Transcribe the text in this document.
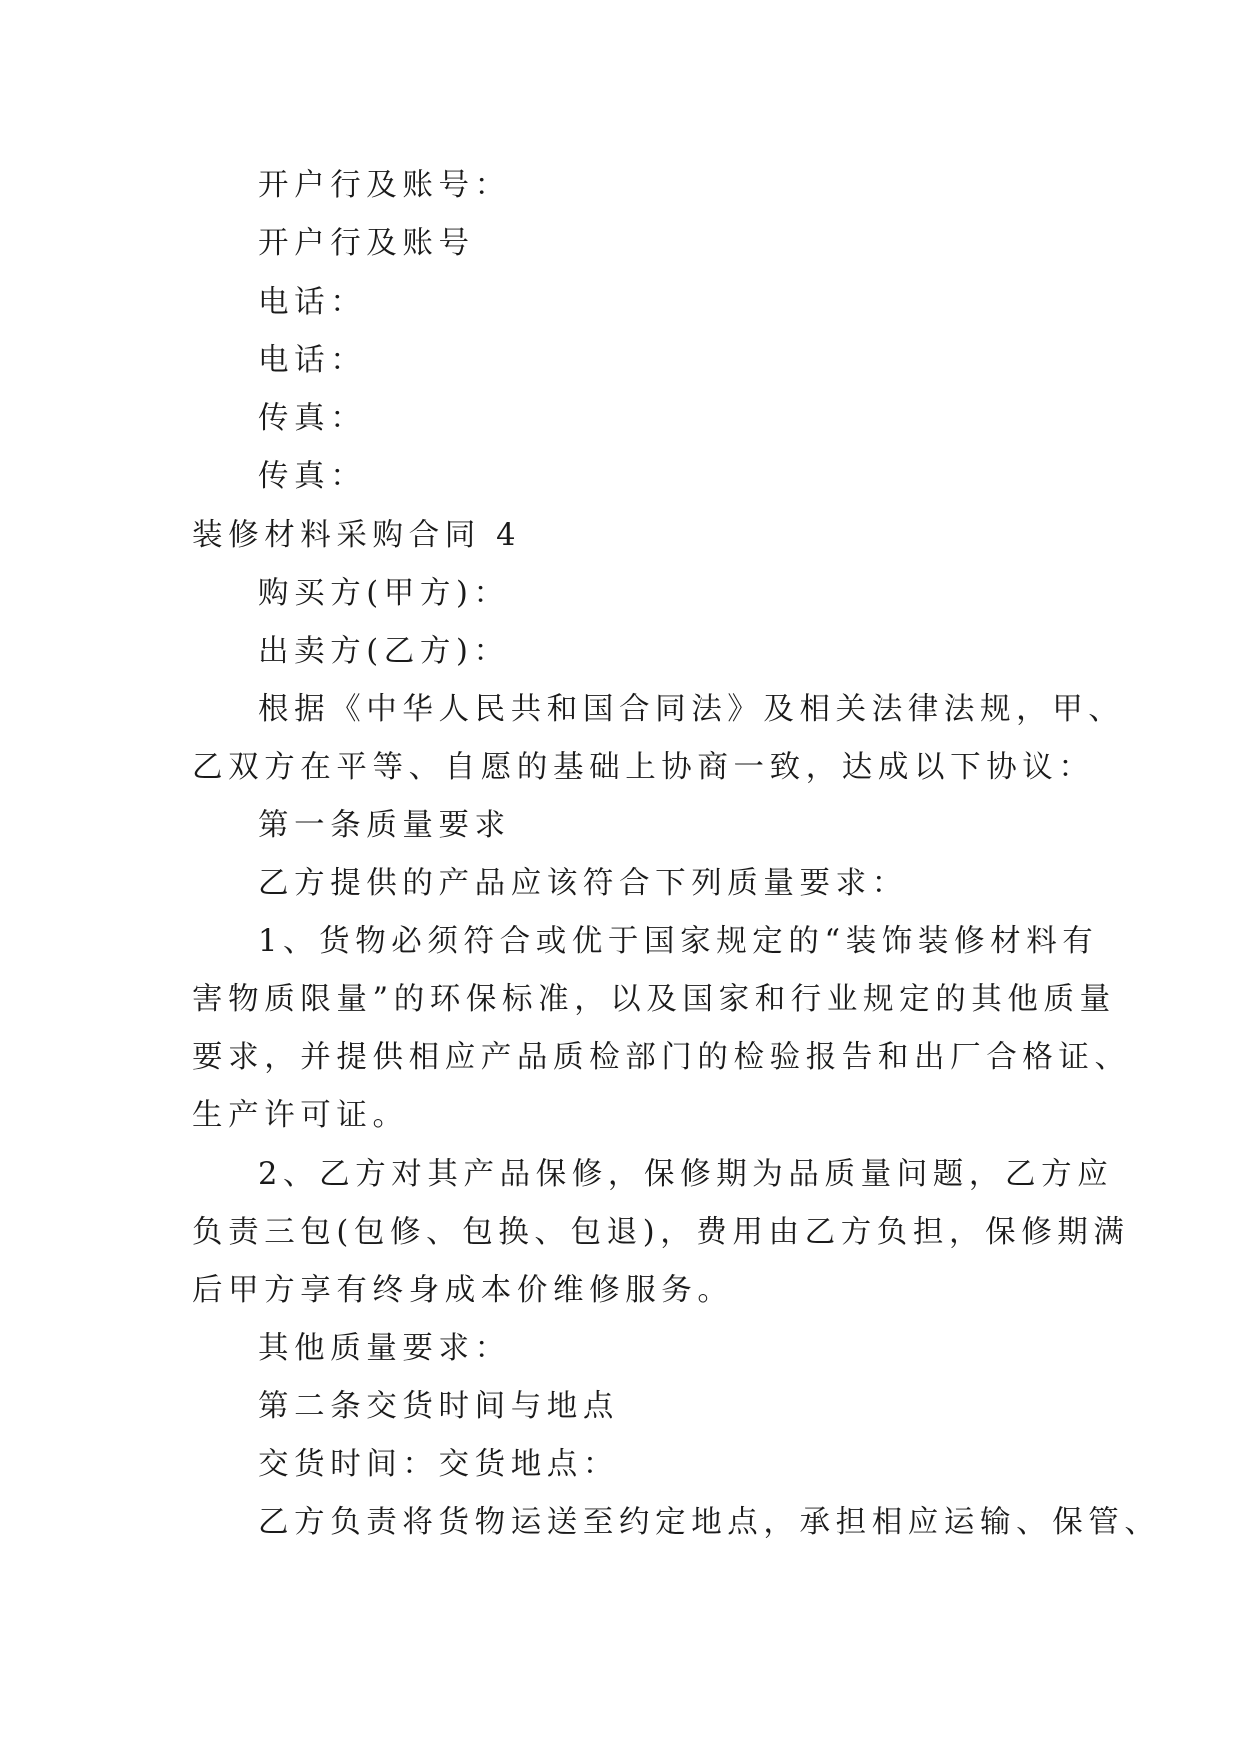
开户行及账号：
开户行及账号
电话：
电话：
传真：
传真：
装修材料采购合同 4
购买方(甲方)：
出卖方(乙方)：
根据《中华人民共和国合同法》及相关法律法规，甲、
乙双方在平等、自愿的基础上协商一致，达成以下协议：
第一条质量要求
乙方提供的产品应该符合下列质量要求：
1、货物必须符合或优于国家规定的“装饰装修材料有
害物质限量”的环保标准，以及国家和行业规定的其他质量
要求，并提供相应产品质检部门的检验报告和出厂合格证、
生产许可证。
2、乙方对其产品保修，保修期为品质量问题，乙方应
负责三包(包修、包换、包退)，费用由乙方负担，保修期满
后甲方享有终身成本价维修服务。
其他质量要求：
第二条交货时间与地点
交货时间：交货地点：
乙方负责将货物运送至约定地点，承担相应运输、保管、
